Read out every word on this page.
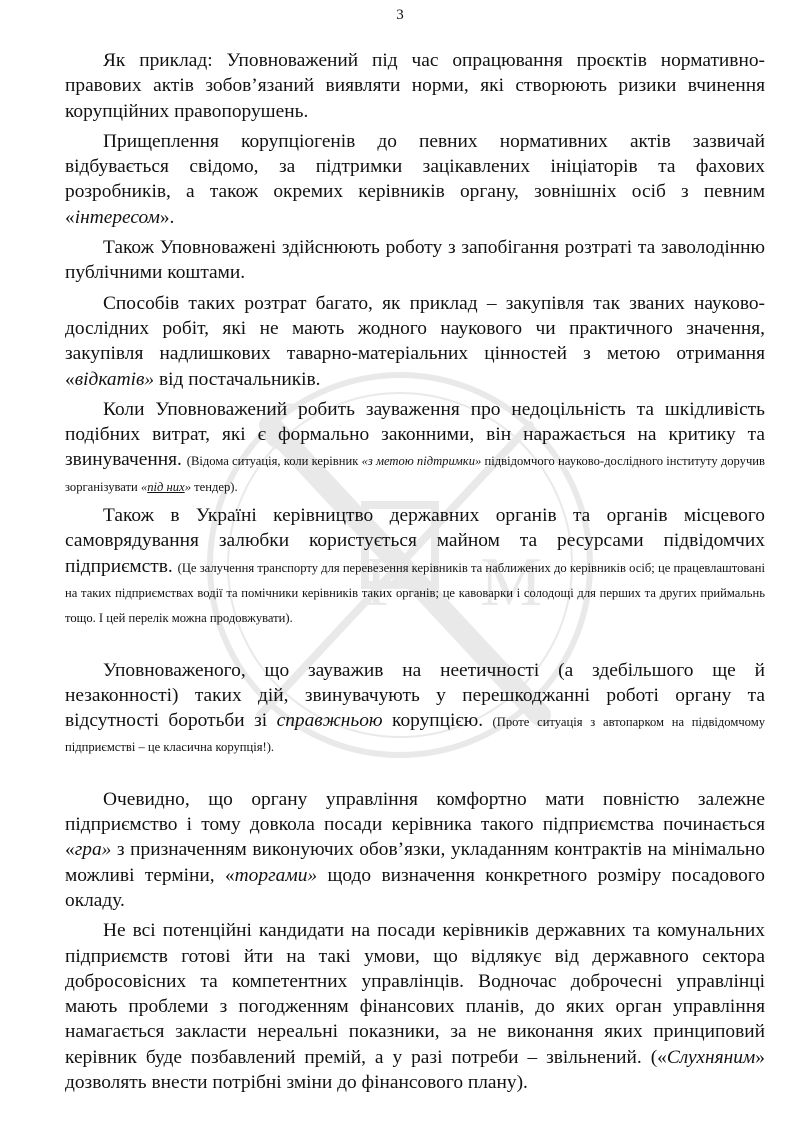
3
C
P M

Як приклад: Уповноважений під час опрацювання проєктів нормативно-правових актів зобов’язаний виявляти норми, які створюють ризики вчинення корупційних правопорушень.

Прищеплення корупціогенів до певних нормативних актів зазвичай відбувається свідомо, за підтримки зацікавлених ініціаторів та фахових розробників, а також окремих керівників органу, зовнішніх осіб з певним «інтересом».

Також Уповноважені здійснюють роботу з запобігання розтраті та заволодінню публічними коштами.

Способів таких розтрат багато, як приклад – закупівля так званих науково-дослідних робіт, які не мають жодного наукового чи практичного значення, закупівля надлишкових таварно-матеріальних цінностей з метою отримання «відкатів» від постачальників.

Коли Уповноважений робить зауваження про недоцільність та шкідливість подібних витрат, які є формально законними, він наражається на критику та звинувачення. (Відома ситуація, коли керівник «з метою підтримки» підвідомчого науково-дослідного інституту доручив зорганізувати «під них» тендер).

Також в Україні керівництво державних органів та органів місцевого самоврядування залюбки користується майном та ресурсами підвідомчих підприємств. (Це залучення транспорту для перевезення керівників та наближених до керівників осіб; це працевлаштовані на таких підприємствах водії та помічники керівників таких органів; це кавоварки і солодощі для перших та других приймальнь тощо. І цей перелік можна продовжувати).

Уповноваженого, що зауважив на неетичності (а здебільшого ще й незаконності) таких дій, звинувачують у перешкоджанні роботі органу та відсутності боротьби зі справжньою корупцією. (Проте ситуація з автопарком на підвідомчому підприємстві – це класична корупція!).

Очевидно, що органу управління комфортно мати повністю залежне підприємство і тому довкола посади керівника такого підприємства починається «гра» з призначенням виконуючих обов’язки, укладанням контрактів на мінімально можливі терміни, «торгами» щодо визначення конкретного розміру посадового окладу.

Не всі потенційні кандидати на посади керівників державних та комунальних підприємств готові йти на такі умови, що відлякує від державного сектора добросовісних та компетентних управлінців. Водночас доброчесні управлінці мають проблеми з погодженням фінансових планів, до яких орган управління намагається закласти нереальні показники, за не виконання яких принциповий керівник буде позбавлений премій, а у разі потреби – звільнений. («Слухняним» дозволять внести потрібні зміни до фінансового плану).
